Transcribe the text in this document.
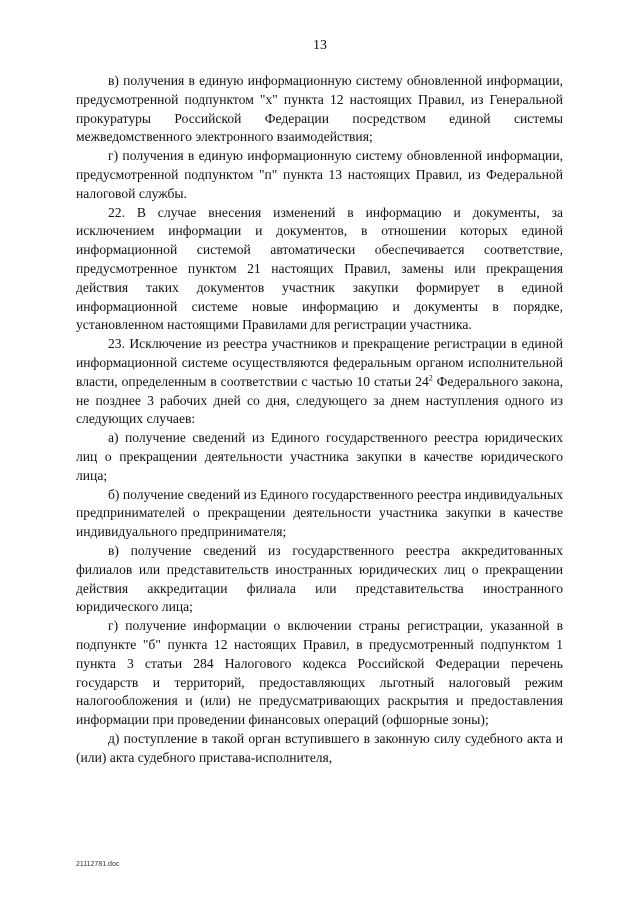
13

в) получения в единую информационную систему обновленной информации, предусмотренной подпунктом "х" пункта 12 настоящих Правил, из Генеральной прокуратуры Российской Федерации посредством единой системы межведомственного электронного взаимодействия;

г) получения в единую информационную систему обновленной информации, предусмотренной подпунктом "п" пункта 13 настоящих Правил, из Федеральной налоговой службы.

22. В случае внесения изменений в информацию и документы, за исключением информации и документов, в отношении которых единой информационной системой автоматически обеспечивается соответствие, предусмотренное пунктом 21 настоящих Правил, замены или прекращения действия таких документов участник закупки формирует в единой информационной системе новые информацию и документы в порядке, установленном настоящими Правилами для регистрации участника.

23. Исключение из реестра участников и прекращение регистрации в единой информационной системе осуществляются федеральным органом исполнительной власти, определенным в соответствии с частью 10 статьи $24^2$ Федерального закона, не позднее 3 рабочих дней со дня, следующего за днем наступления одного из следующих случаев:

а) получение сведений из Единого государственного реестра юридических лиц о прекращении деятельности участника закупки в качестве юридического лица;

б) получение сведений из Единого государственного реестра индивидуальных предпринимателей о прекращении деятельности участника закупки в качестве индивидуального предпринимателя;

в) получение сведений из государственного реестра аккредитованных филиалов или представительств иностранных юридических лиц о прекращении действия аккредитации филиала или представительства иностранного юридического лица;

г) получение информации о включении страны регистрации, указанной в подпункте "б" пункта 12 настоящих Правил, в предусмотренный подпунктом 1 пункта 3 статьи 284 Налогового кодекса Российской Федерации перечень государств и территорий, предоставляющих льготный налоговый режим налогообложения и (или) не предусматривающих раскрытия и предоставления информации при проведении финансовых операций (офшорные зоны);

д) поступление в такой орган вступившего в законную силу судебного акта и (или) акта судебного пристава-исполнителя,

21112781.doc
